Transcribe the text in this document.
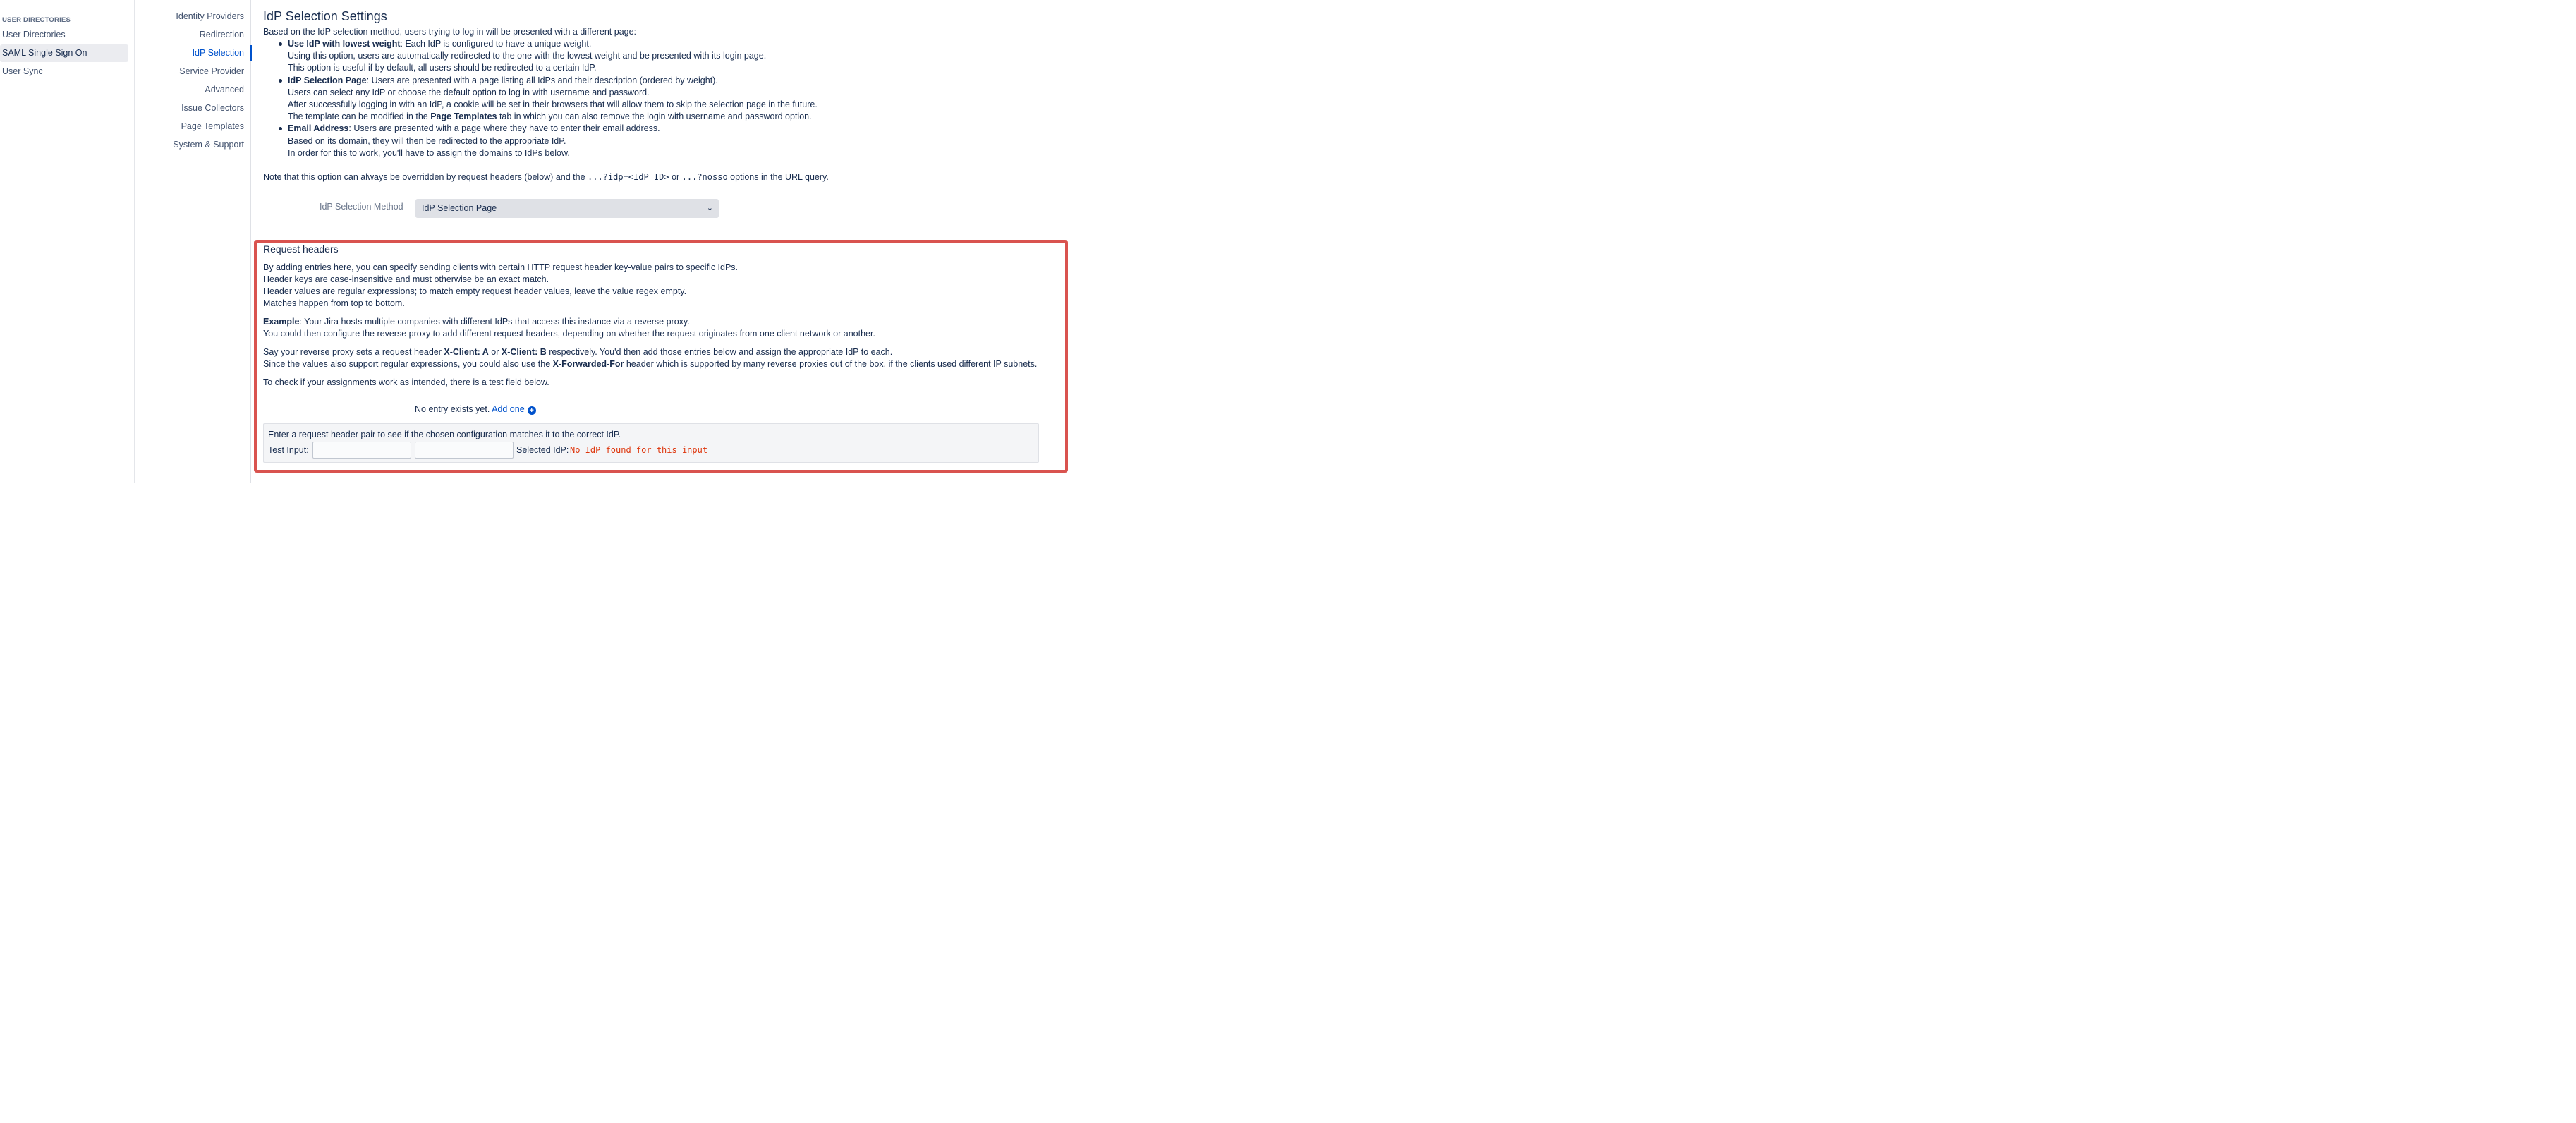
USER DIRECTORIES
User Directories
SAML Single Sign On
User Sync
Identity Providers
Redirection
IdP Selection
Service Provider
Advanced
Issue Collectors
Page Templates
System & Support
IdP Selection Settings
Based on the IdP selection method, users trying to log in will be presented with a different page:
Use IdP with lowest weight: Each IdP is configured to have a unique weight.
Using this option, users are automatically redirected to the one with the lowest weight and be presented with its login page.
This option is useful if by default, all users should be redirected to a certain IdP.
IdP Selection Page: Users are presented with a page listing all IdPs and their description (ordered by weight).
Users can select any IdP or choose the default option to log in with username and password.
After successfully logging in with an IdP, a cookie will be set in their browsers that will allow them to skip the selection page in the future.
The template can be modified in the Page Templates tab in which you can also remove the login with username and password option.
Email Address: Users are presented with a page where they have to enter their email address.
Based on its domain, they will then be redirected to the appropriate IdP.
In order for this to work, you'll have to assign the domains to IdPs below.
Note that this option can always be overridden by request headers (below) and the ...?idp=<IdP ID> or ...?nosso options in the URL query.
IdP Selection Method	IdP Selection Page	⌄
Request headers
By adding entries here, you can specify sending clients with certain HTTP request header key-value pairs to specific IdPs.
Header keys are case-insensitive and must otherwise be an exact match.
Header values are regular expressions; to match empty request header values, leave the value regex empty.
Matches happen from top to bottom.
Example: Your Jira hosts multiple companies with different IdPs that access this instance via a reverse proxy.
You could then configure the reverse proxy to add different request headers, depending on whether the request originates from one client network or another.
Say your reverse proxy sets a request header X-Client: A or X-Client: B respectively. You'd then add those entries below and assign the appropriate IdP to each.
Since the values also support regular expressions, you could also use the X-Forwarded-For header which is supported by many reverse proxies out of the box, if the clients used different IP subnets.
To check if your assignments work as intended, there is a test field below.
No entry exists yet. Add one +
Enter a request header pair to see if the chosen configuration matches it to the correct IdP.
Test Input:	Selected IdP: No IdP found for this input
